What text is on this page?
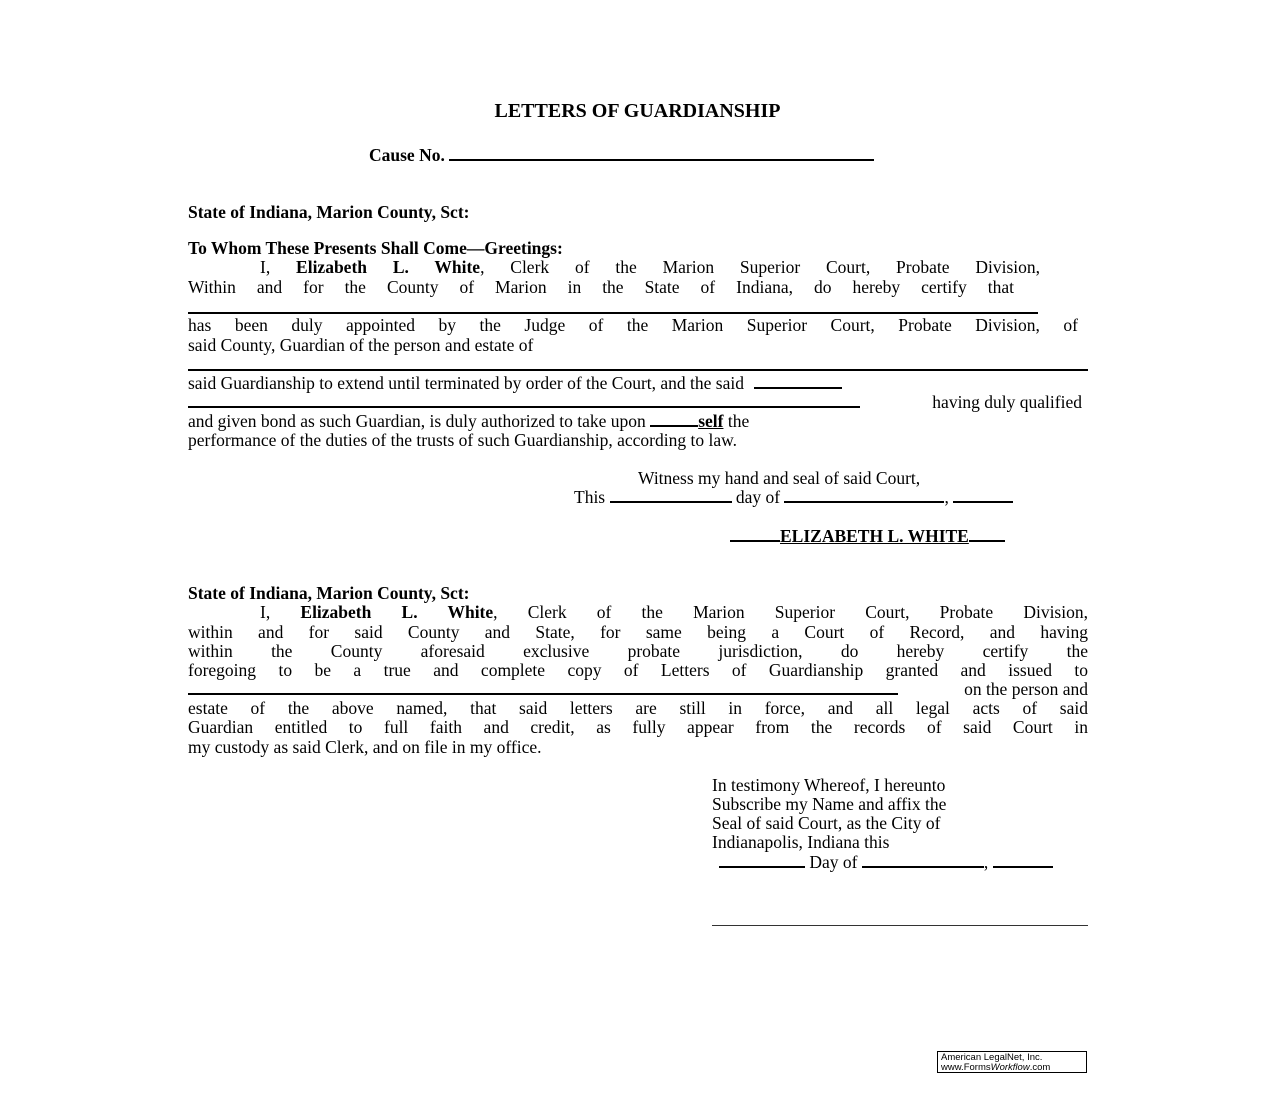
LETTERS OF GUARDIANSHIP
Cause No.
State of Indiana, Marion County, Sct:
To Whom These Presents Shall Come—Greetings:
I, Elizabeth L. White, Clerk of the Marion Superior Court, Probate Division,
Within and for the County of Marion in the State of Indiana, do hereby certify that
has been duly appointed by the Judge of the Marion Superior Court, Probate Division, of
said County, Guardian of the person and estate of
said Guardianship to extend until terminated by order of the Court, and the said
having duly qualified
and given bond as such Guardian, is duly authorized to take upon	self the
performance of the duties of the trusts of such Guardianship, according to law.
Witness my hand and seal of said Court,
This	day of	,
ELIZABETH L. WHITE
State of Indiana, Marion County, Sct:
I, Elizabeth L. White, Clerk of the Marion Superior Court, Probate Division,
within and for said County and State, for same being a Court of Record, and having
within the County aforesaid exclusive probate jurisdiction, do hereby certify the
foregoing to be a true and complete copy of Letters of Guardianship granted and issued to
on the person and
estate of the above named, that said letters are still in force, and all legal acts of said
Guardian entitled to full faith and credit, as fully appear from the records of said Court in
my custody as said Clerk, and on file in my office.
In testimony Whereof, I hereunto
Subscribe my Name and affix the
Seal of said Court, as the City of
Indianapolis, Indiana this
Day of	,
American LegalNet, Inc.
www.FormsWorkflow.com
